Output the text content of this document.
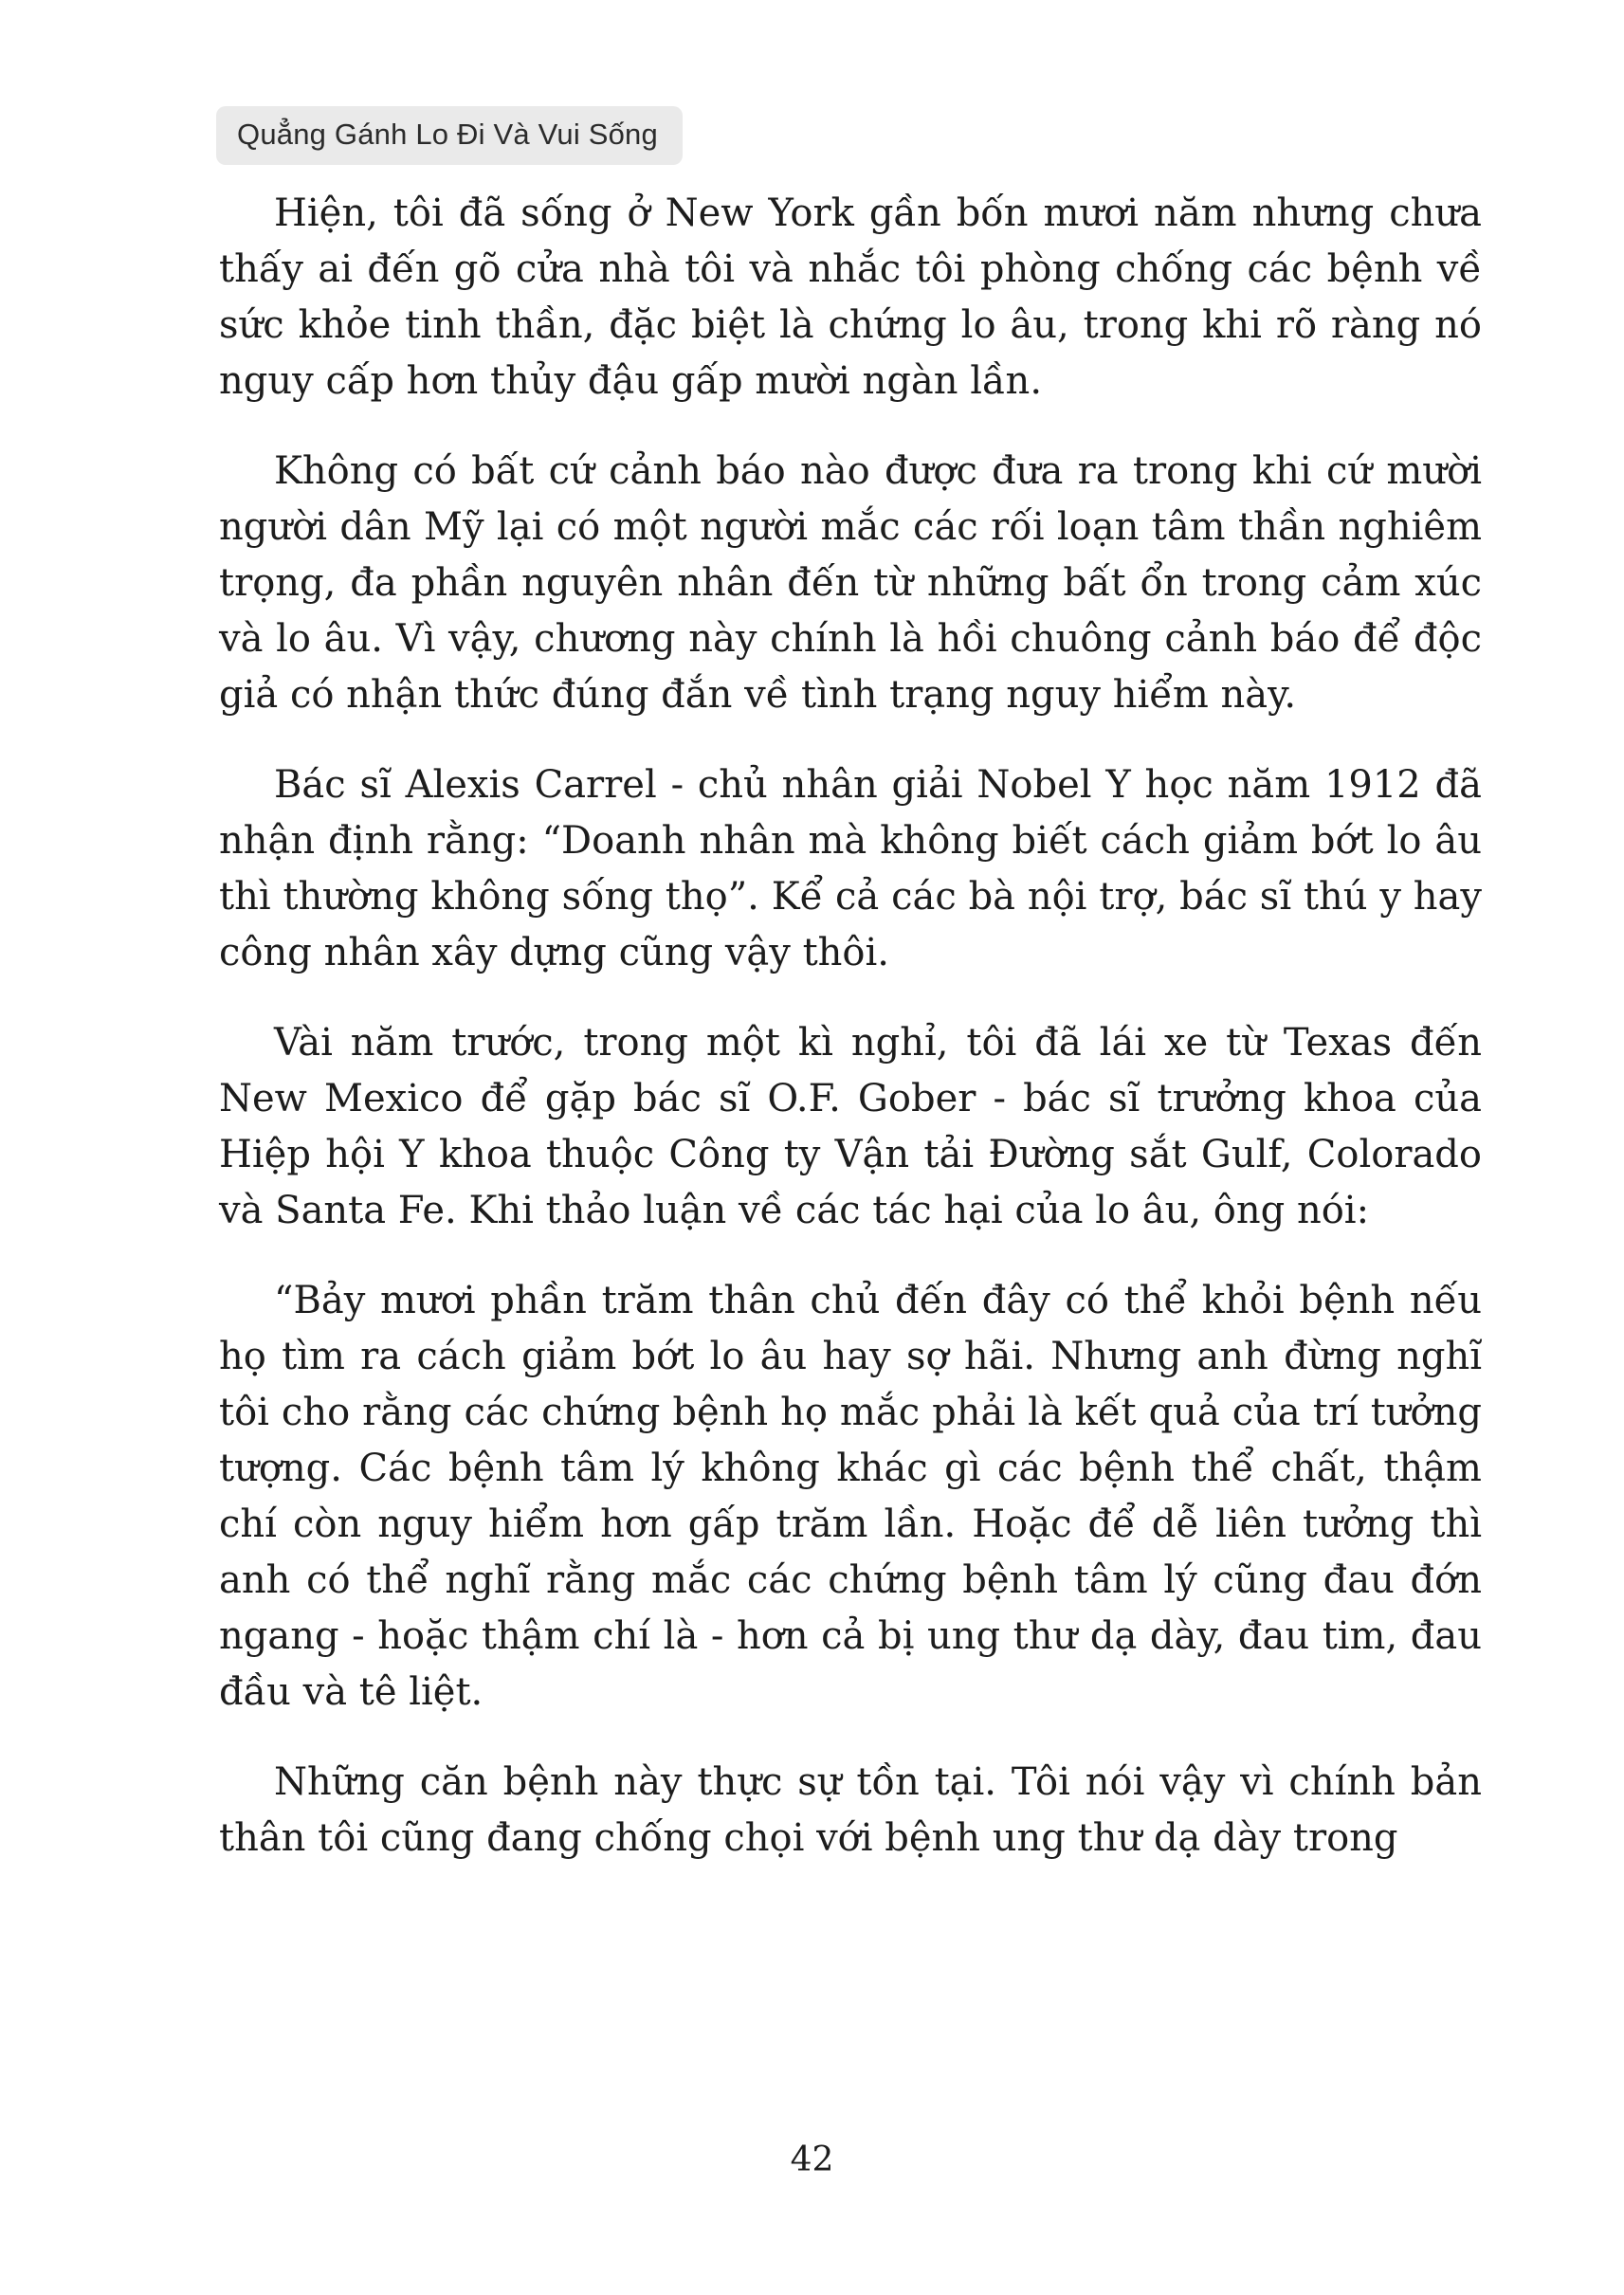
Quẳng Gánh Lo Đi Và Vui Sống

Hiện, tôi đã sống ở New York gần bốn mươi năm nhưng chưa thấy ai đến gõ cửa nhà tôi và nhắc tôi phòng chống các bệnh về sức khỏe tinh thần, đặc biệt là chứng lo âu, trong khi rõ ràng nó nguy cấp hơn thủy đậu gấp mười ngàn lần.

Không có bất cứ cảnh báo nào được đưa ra trong khi cứ mười người dân Mỹ lại có một người mắc các rối loạn tâm thần nghiêm trọng, đa phần nguyên nhân đến từ những bất ổn trong cảm xúc và lo âu. Vì vậy, chương này chính là hồi chuông cảnh báo để độc giả có nhận thức đúng đắn về tình trạng nguy hiểm này.

Bác sĩ Alexis Carrel - chủ nhân giải Nobel Y học năm 1912 đã nhận định rằng: “Doanh nhân mà không biết cách giảm bớt lo âu thì thường không sống thọ”. Kể cả các bà nội trợ, bác sĩ thú y hay công nhân xây dựng cũng vậy thôi.

Vài năm trước, trong một kì nghỉ, tôi đã lái xe từ Texas đến New Mexico để gặp bác sĩ O.F. Gober - bác sĩ trưởng khoa của Hiệp hội Y khoa thuộc Công ty Vận tải Đường sắt Gulf, Colorado và Santa Fe. Khi thảo luận về các tác hại của lo âu, ông nói:

“Bảy mươi phần trăm thân chủ đến đây có thể khỏi bệnh nếu họ tìm ra cách giảm bớt lo âu hay sợ hãi. Nhưng anh đừng nghĩ tôi cho rằng các chứng bệnh họ mắc phải là kết quả của trí tưởng tượng. Các bệnh tâm lý không khác gì các bệnh thể chất, thậm chí còn nguy hiểm hơn gấp trăm lần. Hoặc để dễ liên tưởng thì anh có thể nghĩ rằng mắc các chứng bệnh tâm lý cũng đau đớn ngang - hoặc thậm chí là - hơn cả bị ung thư dạ dày, đau tim, đau đầu và tê liệt.

Những căn bệnh này thực sự tồn tại. Tôi nói vậy vì chính bản thân tôi cũng đang chống chọi với bệnh ung thư dạ dày trong

42
